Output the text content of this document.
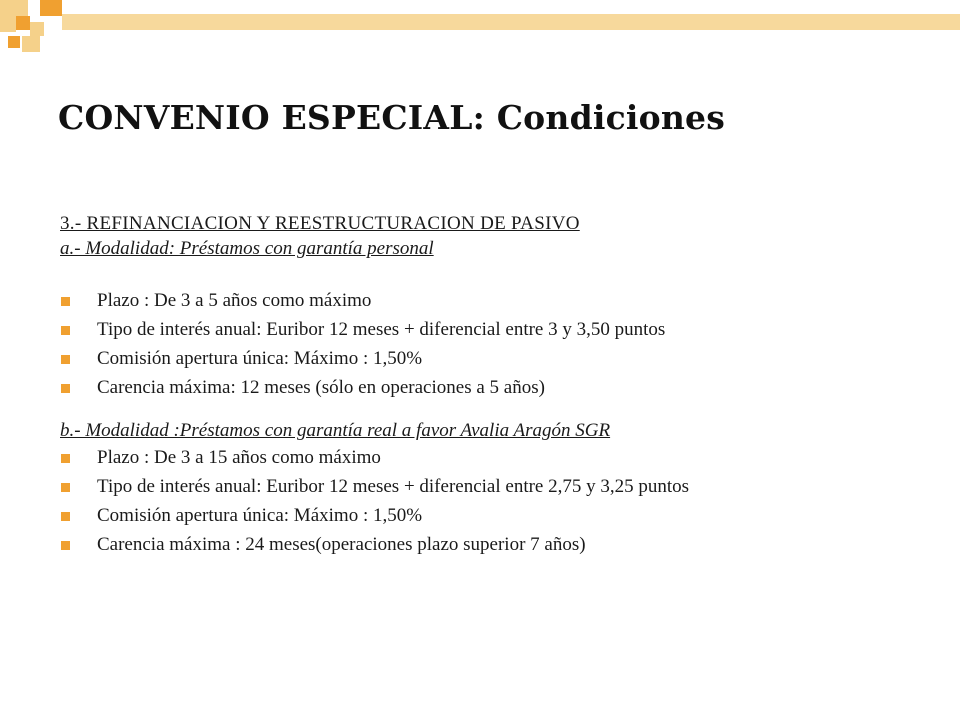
CONVENIO ESPECIAL: Condiciones

3.- REFINANCIACION Y REESTRUCTURACION DE PASIVO

a.- Modalidad: Préstamos con garantía personal

Plazo : De 3 a 5 años como máximo
Tipo de interés anual: Euribor 12 meses + diferencial entre 3 y 3,50 puntos
Comisión apertura única: Máximo : 1,50%
Carencia máxima: 12 meses (sólo en operaciones a 5 años)

b.- Modalidad :Préstamos con garantía real a favor Avalia Aragón SGR

Plazo : De 3 a 15 años como máximo
Tipo de interés anual: Euribor 12 meses + diferencial entre 2,75 y 3,25 puntos
Comisión apertura única: Máximo : 1,50%
Carencia máxima : 24 meses(operaciones plazo superior 7 años)
